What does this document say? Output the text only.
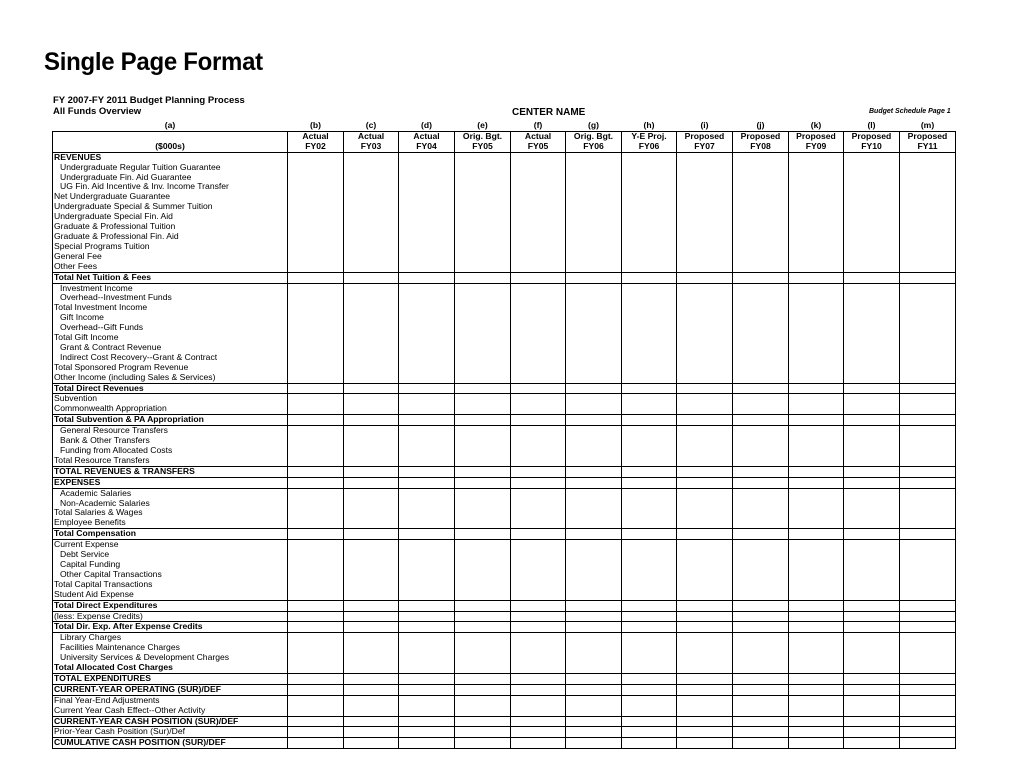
Single Page Format
FY 2007-FY 2011 Budget Planning Process
All Funds Overview	CENTER NAME	Budget Schedule Page 1
(a)	(b)	(c)	(d)	(e)	(f)	(g)	(h)	(i)	(j)	(k)	(l)	(m)
	Actual	Actual	Actual	Orig. Bgt.	Actual	Orig. Bgt.	Y-E Proj.	Proposed	Proposed	Proposed	Proposed	Proposed
($000s)	FY02	FY03	FY04	FY05	FY05	FY06	FY06	FY07	FY08	FY09	FY10	FY11
REVENUES												
Undergraduate Regular Tuition Guarantee												
Undergraduate Fin. Aid Guarantee												
UG Fin. Aid Incentive & Inv. Income Transfer												
Net Undergraduate Guarantee												
Undergraduate Special & Summer Tuition												
Undergraduate Special Fin. Aid												
Graduate & Professional Tuition												
Graduate & Professional Fin. Aid												
Special Programs Tuition												
General Fee												
Other Fees												
Total Net Tuition & Fees												
Investment Income												
Overhead--Investment Funds												
Total Investment Income												
Gift Income												
Overhead--Gift Funds												
Total Gift Income												
Grant & Contract Revenue												
Indirect Cost Recovery--Grant & Contract												
Total Sponsored Program Revenue												
Other Income (including Sales & Services)												
Total Direct Revenues												
Subvention												
Commonwealth Appropriation												
Total Subvention & PA Appropriation												
General Resource Transfers												
Bank & Other Transfers												
Funding from Allocated Costs												
Total Resource Transfers												
TOTAL REVENUES & TRANSFERS												
EXPENSES												
Academic Salaries												
Non-Academic Salaries												
Total Salaries & Wages												
Employee Benefits												
Total Compensation												
Current Expense												
Debt Service												
Capital Funding												
Other Capital Transactions												
Total Capital Transactions												
Student Aid Expense												
Total Direct Expenditures												
(less: Expense Credits)												
Total Dir. Exp. After Expense Credits												
Library Charges												
Facilities Maintenance Charges												
University Services & Development Charges												
Total Allocated Cost Charges												
TOTAL EXPENDITURES												
CURRENT-YEAR OPERATING (SUR)/DEF												
Final Year-End Adjustments												
Current Year Cash Effect--Other Activity												
CURRENT-YEAR CASH POSITION (SUR)/DEF												
Prior-Year Cash Position (Sur)/Def												
CUMULATIVE CASH POSITION (SUR)/DEF												
